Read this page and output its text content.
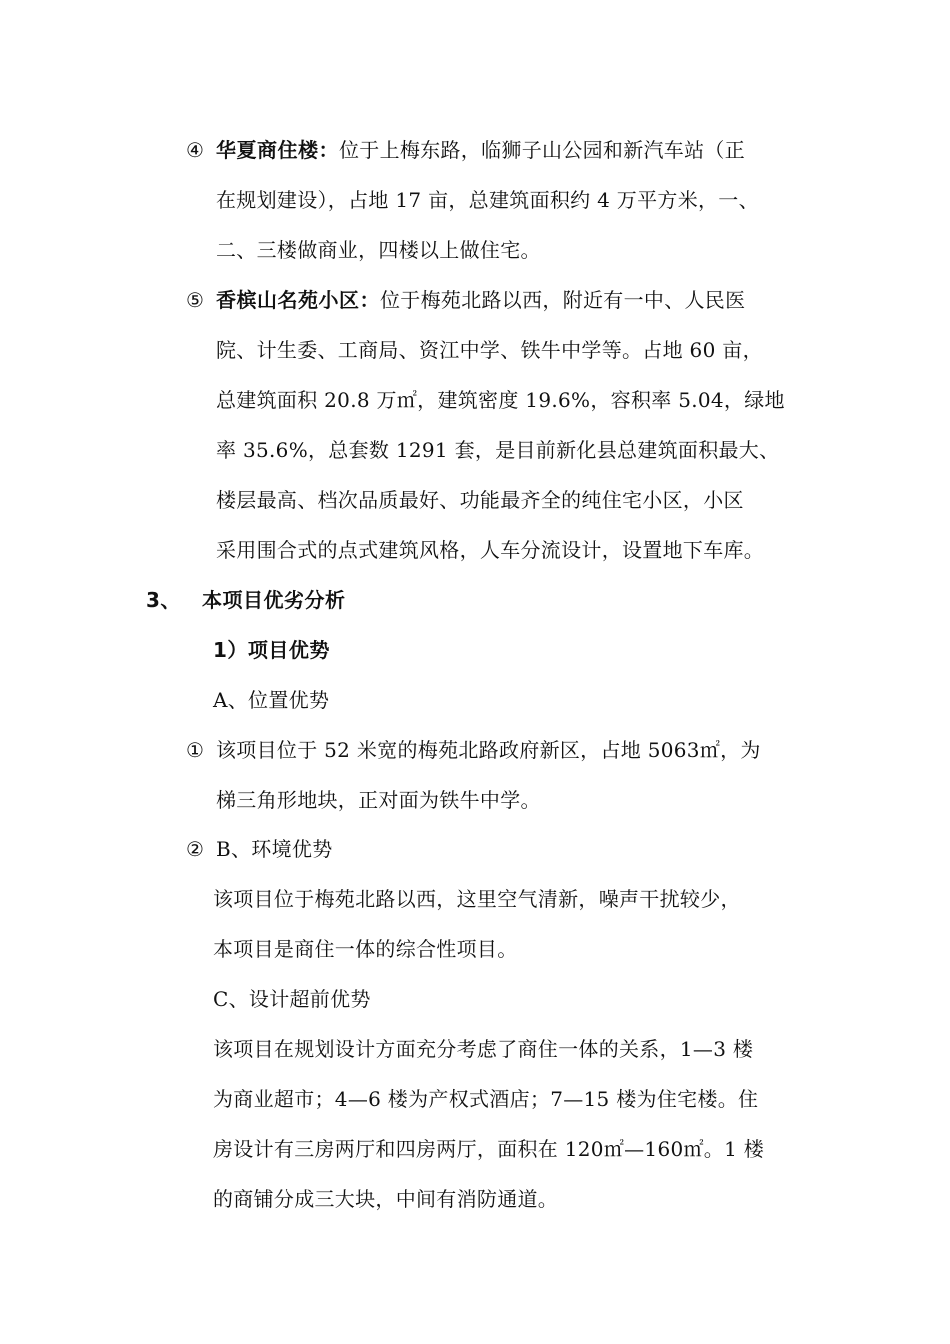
④ 华夏商住楼：位于上梅东路，临狮子山公园和新汽车站（正
在规划建设），占地 17 亩，总建筑面积约 4 万平方米，一、
二、三楼做商业，四楼以上做住宅。
⑤ 香槟山名苑小区：位于梅苑北路以西，附近有一中、人民医
院、计生委、工商局、资江中学、铁牛中学等。占地 60 亩，
总建筑面积 20.8 万㎡，建筑密度 19.6%，容积率 5.04，绿地
率 35.6%，总套数 1291 套，是目前新化县总建筑面积最大、
楼层最高、档次品质最好、功能最齐全的纯住宅小区，小区
采用围合式的点式建筑风格，人车分流设计，设置地下车库。
3、 本项目优劣分析
1）项目优势
A、位置优势
① 该项目位于 52 米宽的梅苑北路政府新区，占地 5063㎡，为
梯三角形地块，正对面为铁牛中学。
② B、环境优势
该项目位于梅苑北路以西，这里空气清新，噪声干扰较少，
本项目是商住一体的综合性项目。
C、设计超前优势
该项目在规划设计方面充分考虑了商住一体的关系，1—3 楼
为商业超市；4—6 楼为产权式酒店；7—15 楼为住宅楼。住
房设计有三房两厅和四房两厅，面积在 120㎡—160㎡。1 楼
的商铺分成三大块，中间有消防通道。
